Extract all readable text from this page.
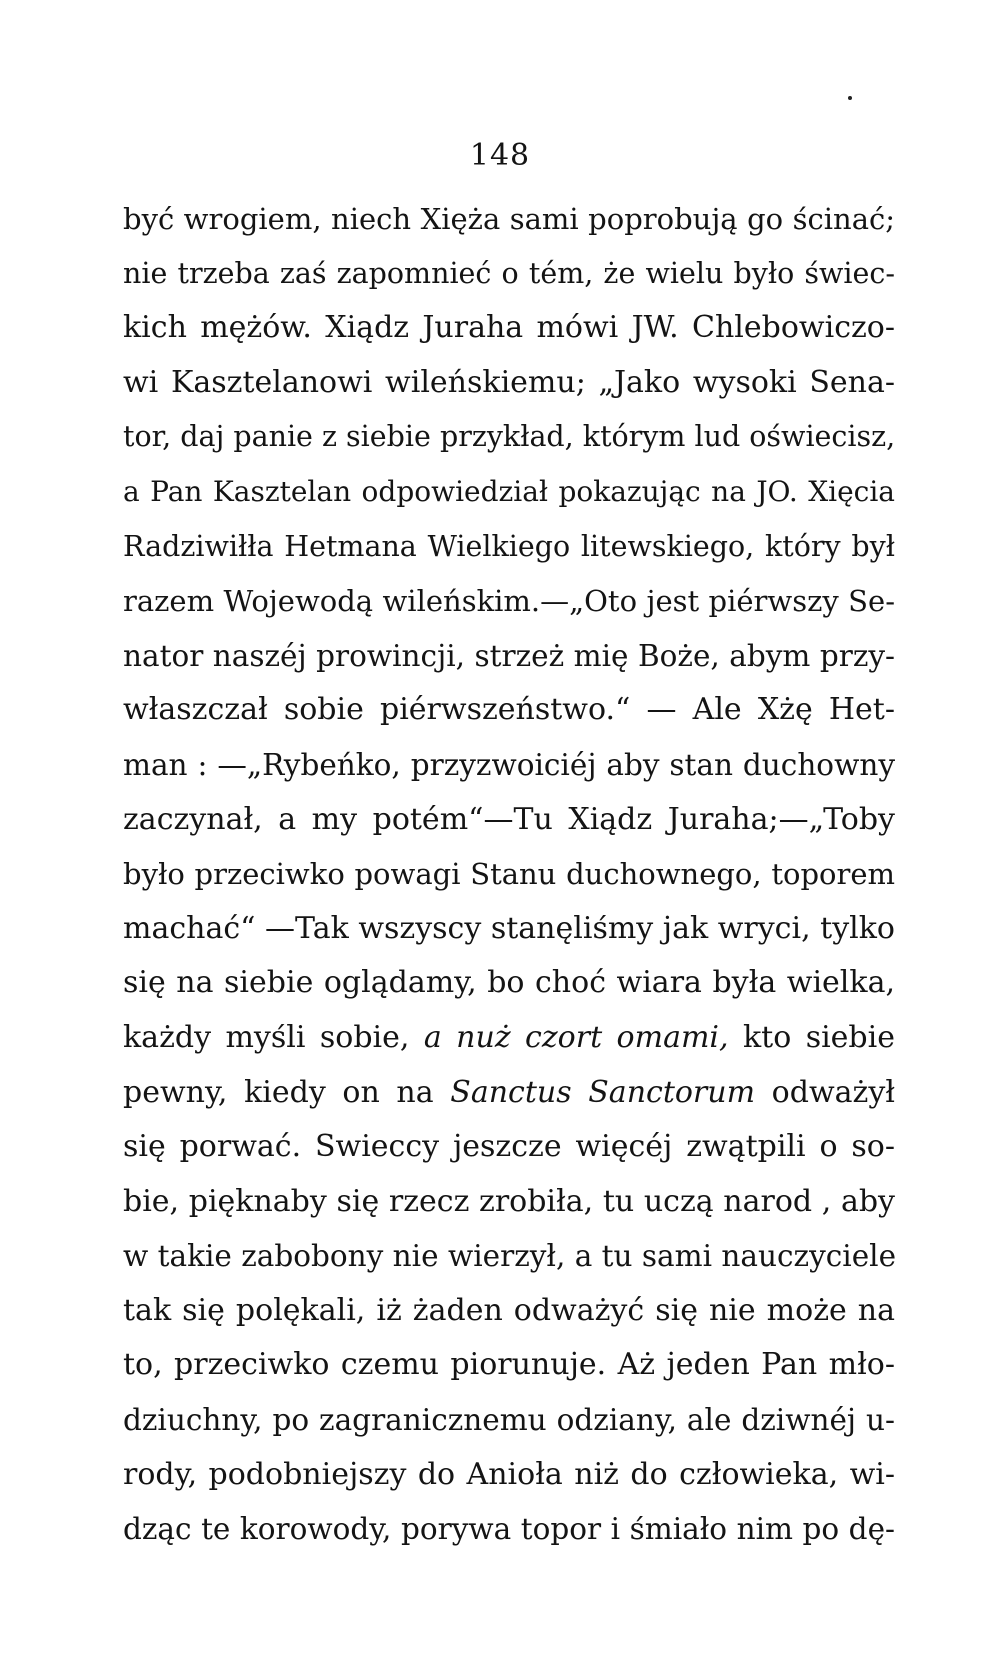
148
być wrogiem, niech Xięża sami poprobują go ścinać;
nie trzeba zaś zapomnieć o tém, że wielu było świec-
kich mężów. Xiądz Juraha mówi JW. Chlebowiczo-
wi Kasztelanowi wileńskiemu; „Jako wysoki Sena-
tor, daj panie z siebie przykład, którym lud oświecisz,
a Pan Kasztelan odpowiedział pokazując na JO. Xięcia
Radziwiłła Hetmana Wielkiego litewskiego, który był
razem Wojewodą wileńskim.—„Oto jest piérwszy Se-
nator naszéj prowincji, strzeż mię Boże, abym przy-
właszczał sobie piérwszeństwo.“ — Ale Xżę Het-
man : —„Rybeńko, przyzwoiciéj aby stan duchowny
zaczynał, a my potém“—Tu Xiądz Juraha;—„Toby
było przeciwko powagi Stanu duchownego, toporem
machać“ —Tak wszyscy stanęliśmy jak wryci, tylko
się na siebie oglądamy, bo choć wiara była wielka,
każdy myśli sobie, a nuż czort omami, kto siebie
pewny, kiedy on na Sanctus Sanctorum odważył
się porwać. Swieccy jeszcze więcéj zwątpili o so-
bie, pięknaby się rzecz zrobiła, tu uczą narod , aby
w takie zabobony nie wierzył, a tu sami nauczyciele
tak się polękali, iż żaden odważyć się nie może na
to, przeciwko czemu piorunuje. Aż jeden Pan mło-
dziuchny, po zagranicznemu odziany, ale dziwnéj u-
rody, podobniejszy do Anioła niż do człowieka, wi-
dząc te korowody, porywa topor i śmiało nim po dę-
